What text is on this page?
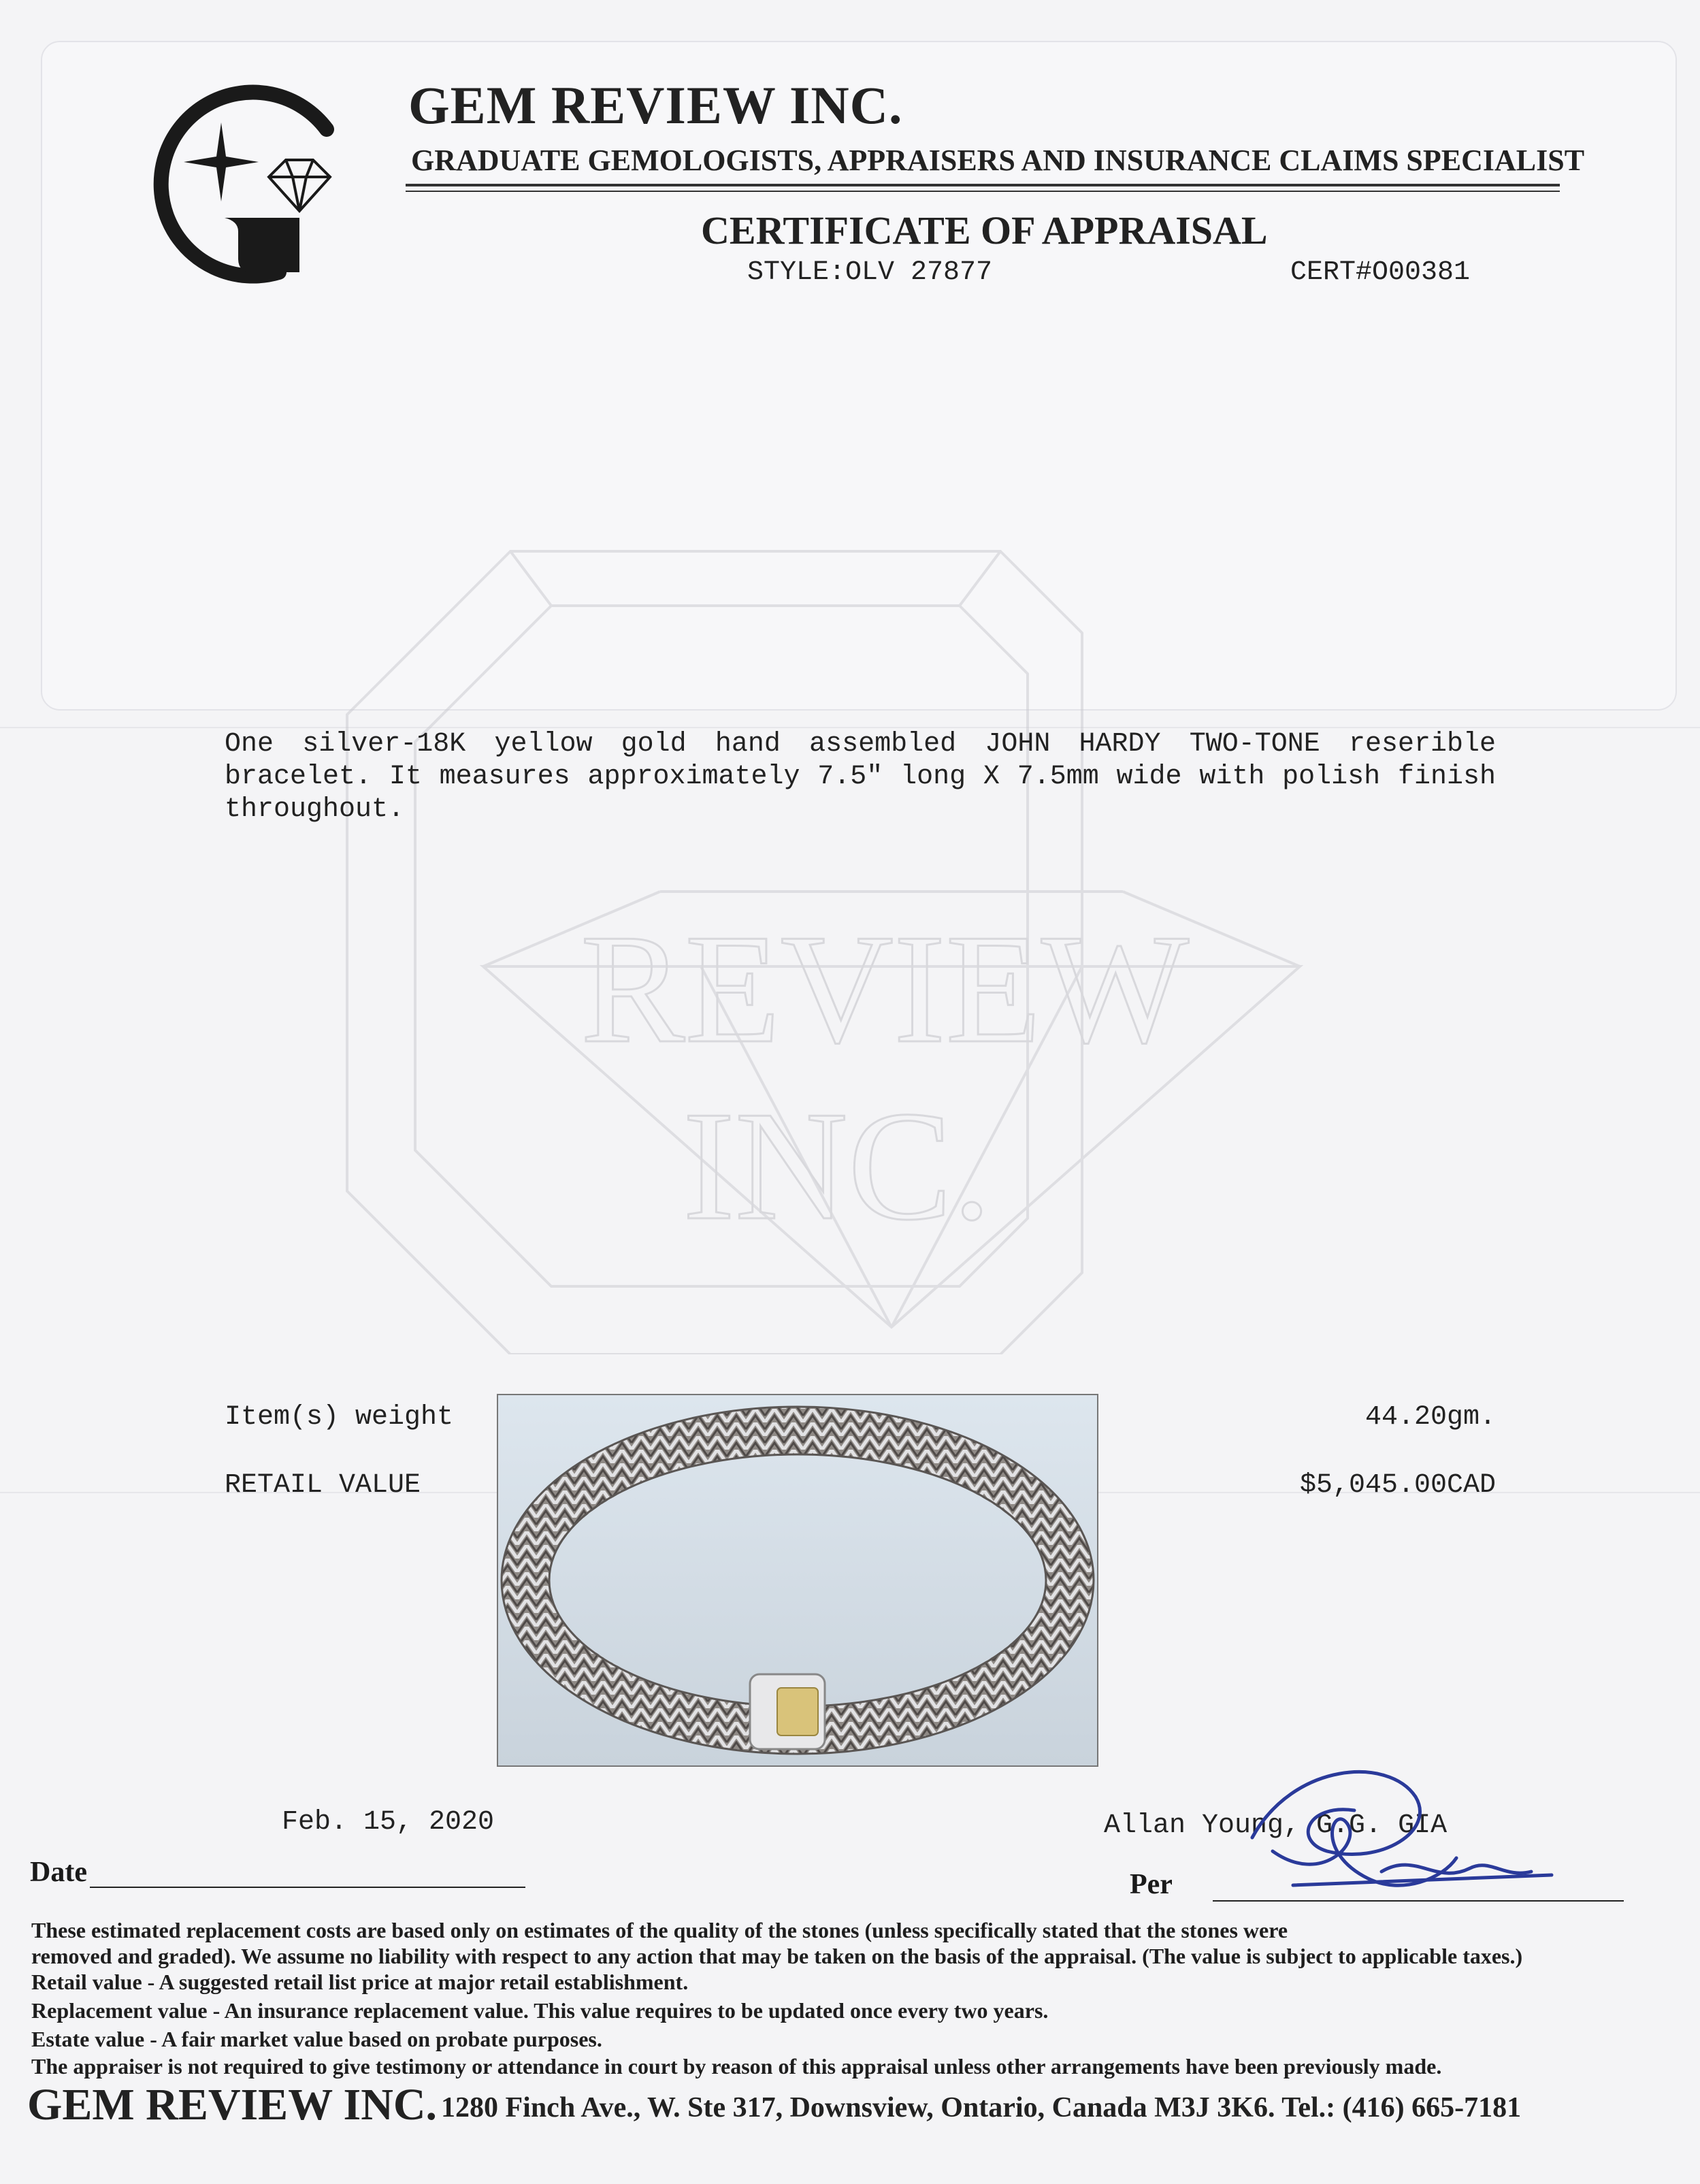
REVIEW
INC.
GEM REVIEW INC.
GRADUATE GEMOLOGISTS, APPRAISERS AND INSURANCE CLAIMS SPECIALIST
CERTIFICATE OF APPRAISAL
STYLE:OLV 27877	CERT#O00381
One silver-18K yellow gold hand assembled JOHN HARDY TWO-TONE reserible bracelet. It measures approximately 7.5" long X 7.5mm wide with polish finish throughout.
Item(s) weight	44.20gm.
RETAIL VALUE	$5,045.00CAD
Feb. 15, 2020	Allan Young, G.G. GIA
Date	Per
These estimated replacement costs are based only on estimates of the quality of the stones (unless specifically stated that the stones were
removed and graded). We assume no liability with respect to any action that may be taken on the basis of the appraisal. (The value is subject to applicable taxes.)
Retail value - A suggested retail list price at major retail establishment.
Replacement value - An insurance replacement value. This value requires to be updated once every two years.
Estate value - A fair market value based on probate purposes.
The appraiser is not required to give testimony or attendance in court by reason of this appraisal unless other arrangements have been previously made.
GEM REVIEW INC. 1280 Finch Ave., W. Ste 317, Downsview, Ontario, Canada M3J 3K6. Tel.: (416) 665-7181
